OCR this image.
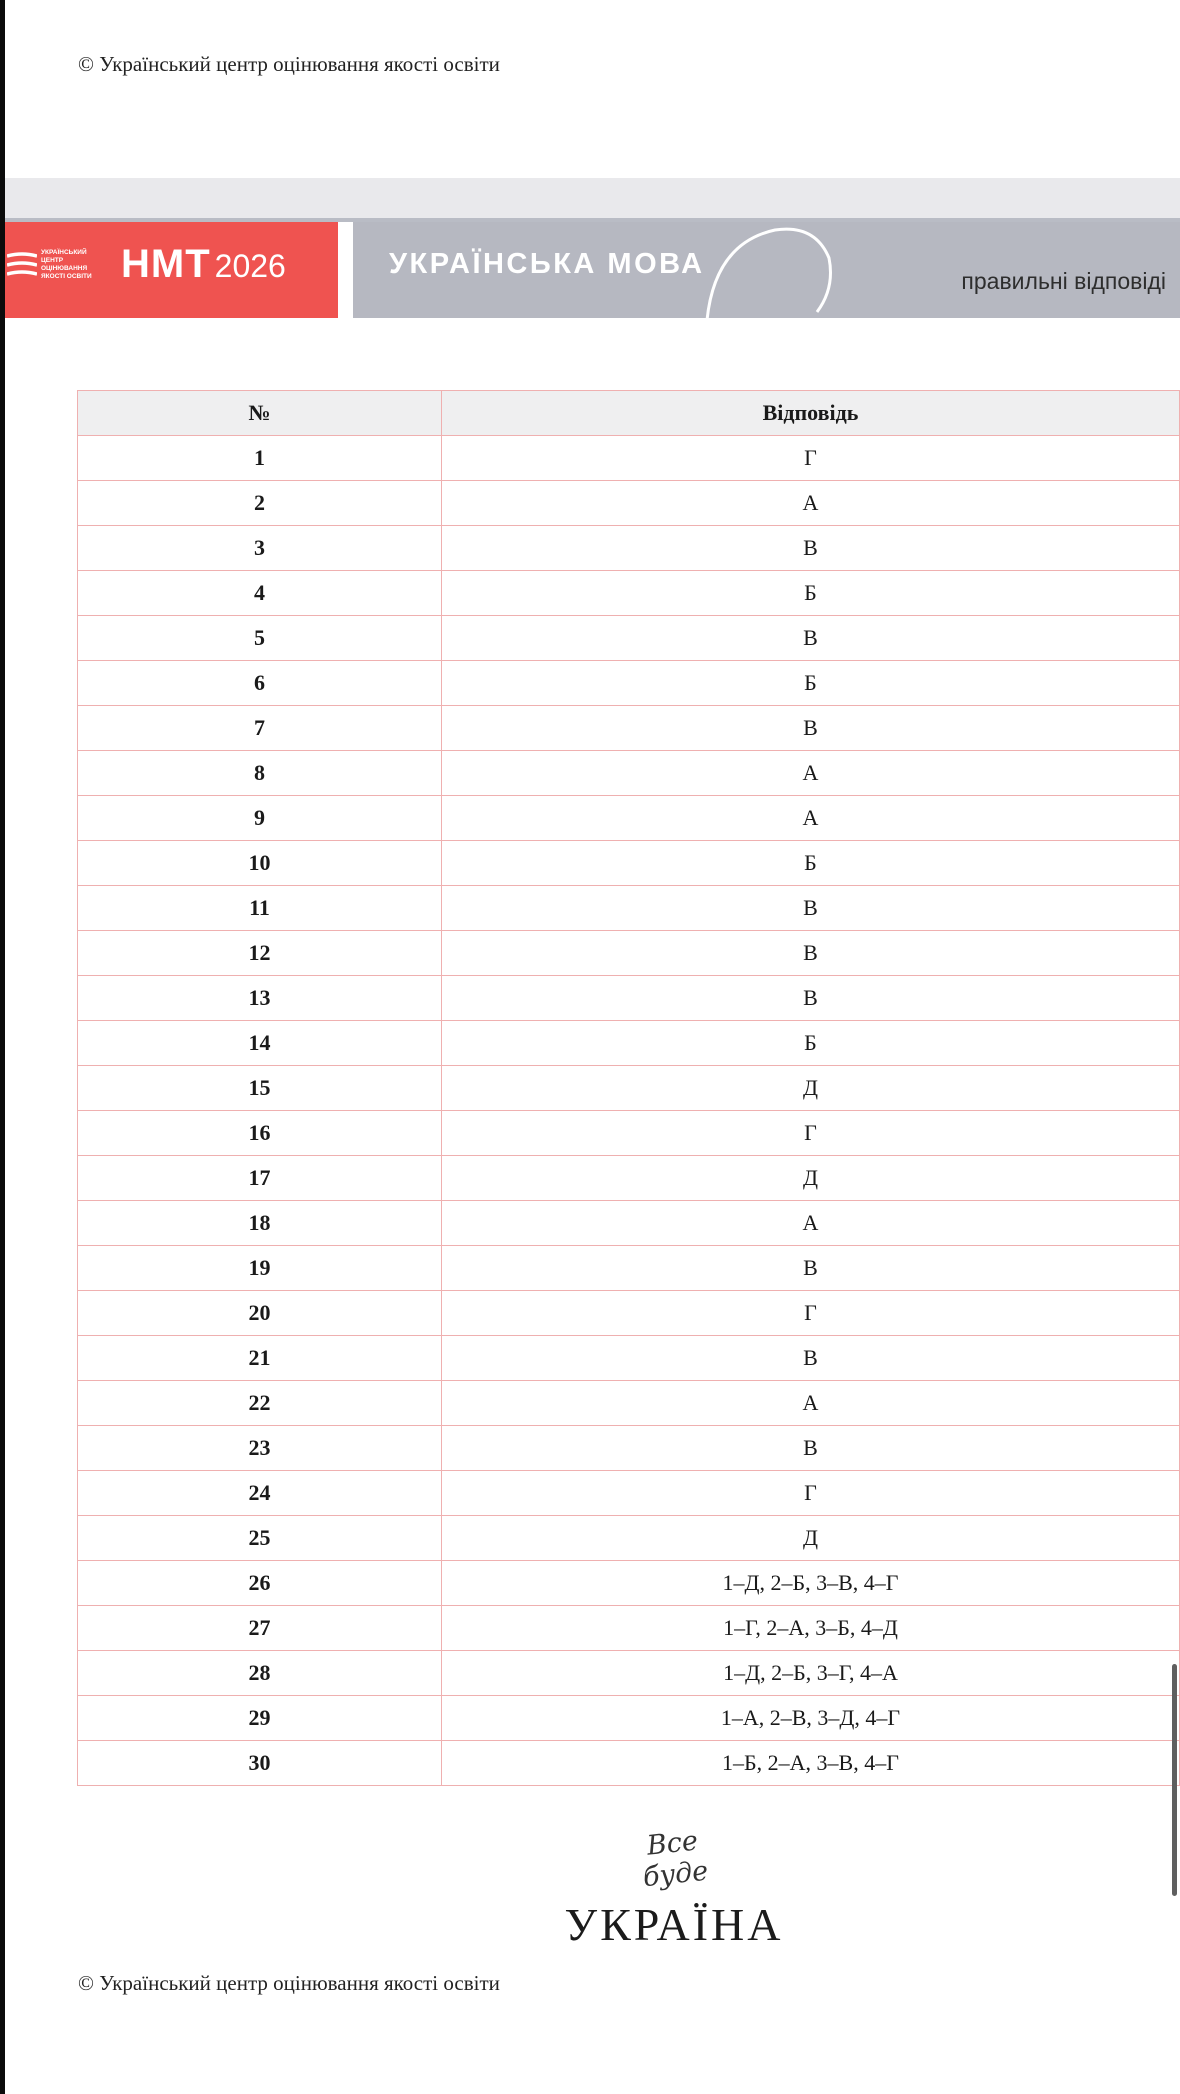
© Український центр оцінювання якості освіти
УКРАЇНСЬКИЙ ЦЕНТР ОЦІНЮВАННЯ ЯКОСТІ ОСВІТИ НМТ 2026	УКРАЇНСЬКА МОВА
правильні відповіді
№	Відповідь
1	Г
2	А
3	В
4	Б
5	В
6	Б
7	В
8	А
9	А
10	Б
11	В
12	В
13	В
14	Б
15	Д
16	Г
17	Д
18	А
19	В
20	Г
21	В
22	А
23	В
24	Г
25	Д
26	1–Д, 2–Б, 3–В, 4–Г
27	1–Г, 2–А, 3–Б, 4–Д
28	1–Д, 2–Б, 3–Г, 4–А
29	1–А, 2–В, 3–Д, 4–Г
30	1–Б, 2–А, 3–В, 4–Г
Все буде
УКРАЇНА
© Український центр оцінювання якості освіти
